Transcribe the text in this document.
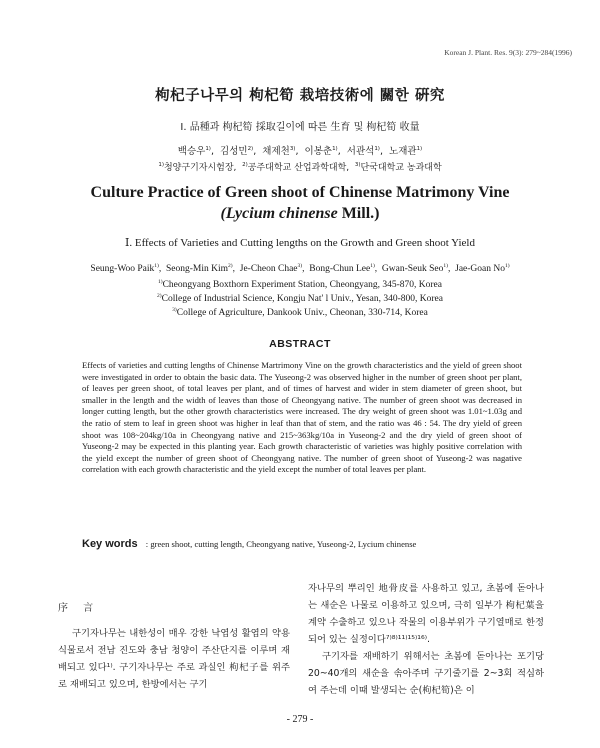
Korean J. Plant. Res. 9(3): 279~284(1996)
枸杞子나무의 枸杞筍 栽培技術에 關한 硏究
Ⅰ. 品種과 枸杞筍 採取길이에 따른 生育 및 枸杞筍 收量
백승우$^{1)}$,  김성민$^{2)}$,  채제천$^{3)}$,  이봉춘$^{1)}$,  서관석$^{1)}$,  노재관$^{1)}$
$^{1)}$청양구기자시험장, $^{2)}$공주대학교 산업과학대학, $^{3)}$단국대학교 농과대학
Culture Practice of Green shoot of Chinense Matrimony Vine
(Lycium chinense Mill.)
Ⅰ. Effects of Varieties and Cutting lengths on the Growth and Green shoot Yield
Seung-Woo Paik$^{1)}$,  Seong-Min Kim$^{2)}$,  Je-Cheon Chae$^{3)}$,  Bong-Chun Lee$^{1)}$,  Gwan-Seuk Seo$^{1)}$,  Jae-Goan No$^{1)}$
$^{1)}$Cheongyang Boxthorn Experiment Station, Cheongyang, 345-870, Korea
$^{2)}$College of Industrial Science, Kongju Nat' l Univ., Yesan, 340-800, Korea
$^{3)}$College of Agriculture, Dankook Univ., Cheonan, 330-714, Korea
ABSTRACT
Effects of varieties and cutting lengths of Chinense Martrimony Vine on the growth characteristics and the yield of green shoot were investigated in order to obtain the basic data. The Yuseong-2 was observed higher in the number of green shoot per plant, of leaves per green shoot, of total leaves per plant, and of times of harvest and wider in stem diameter of green shoot, but smaller in the length and the width of leaves than those of Cheongyang native. The number of green shoot was decreased in longer cutting length, but the other growth characteristics were increased. The dry weight of green shoot was 1.01~1.03g and the ratio of stem to leaf in green shoot was higher in leaf than that of stem, and the ratio was 46 : 54. The dry yield of green shoot was 108~204kg/10a in Cheongyang native and 215~363kg/10a in Yuseong-2 and the dry yield of green shoot of Yuseong-2 may be expected in this planting year. Each growth characteristic of varieties was highly positive correlation with the yield except the number of green shoot of Cheongyang native. The number of green shoot of Yuseong-2 was nagative correlation with each growth characteristic and the yield except the number of total leaves per plant.
Key words : green shoot, cutting length, Cheongyang native, Yuseong-2, Lycium chinense

序 言

구기자나무는 내한성이 매우 강한 낙엽성 활엽의 약용식물로서 전남 진도와 충남 청양이 주산단지를 이루며 재배되고 있다¹⁾. 구기자나무는 주로 과실인 枸杞子를 위주로 재배되고 있으며, 한방에서는 구기

자나무의 뿌리인 地骨皮를 사용하고 있고, 초봄에 돋아나는 새순은 나물로 이용하고 있으며, 극히 일부가 枸杞葉을 계약 수출하고 있으나 작물의 이용부위가 구기열매로 한정 되어 있는 실정이다⁷⁾⁸⁾¹¹⁾¹⁵⁾¹⁶⁾.

구기자를 재배하기 위해서는 초봄에 돋아나는 포기당 20~40개의 새순을 솎아주며 구기줄기를 2~3회 적심하여 주는데 이때 발생되는 순(枸杞筍)은 이

- 279 -
